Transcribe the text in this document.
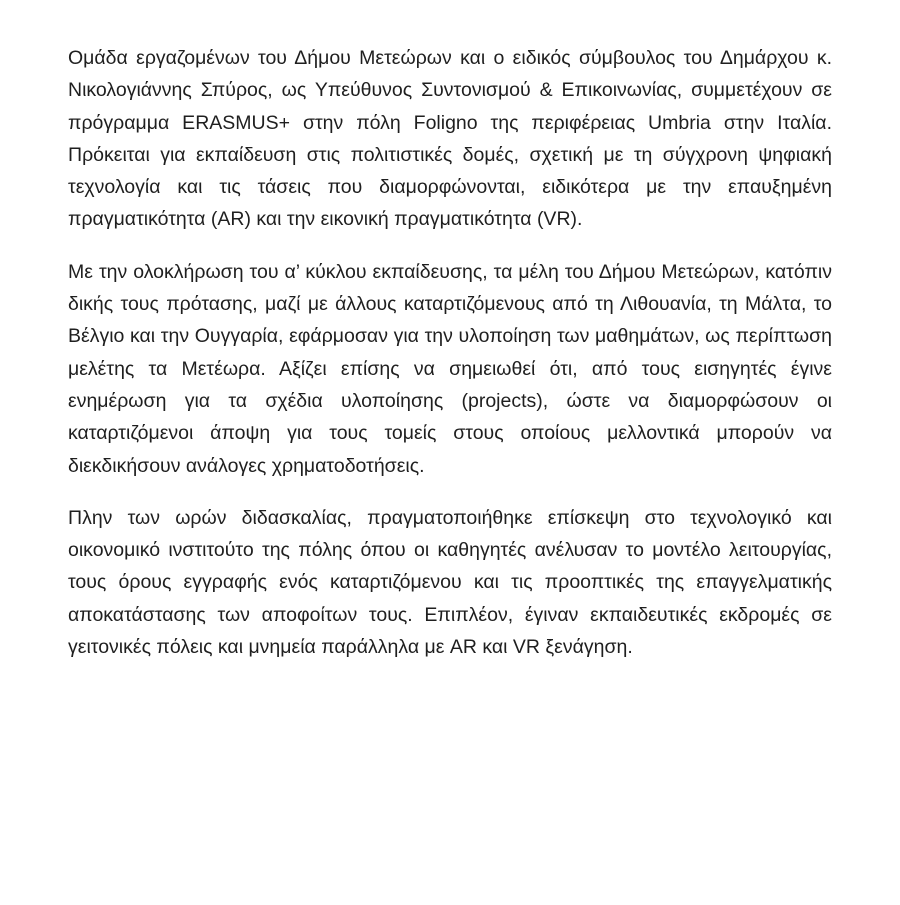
Ομάδα εργαζομένων του Δήμου Μετεώρων και ο ειδικός σύμβουλος του Δημάρχου κ. Νικολογιάννης Σπύρος, ως Υπεύθυνος Συντονισμού & Επικοινωνίας, συμμετέχουν σε πρόγραμμα ERASMUS+ στην πόλη Foligno της περιφέρειας Umbria στην Ιταλία. Πρόκειται για εκπαίδευση στις πολιτιστικές δομές, σχετική με τη σύγχρονη ψηφιακή τεχνολογία και τις τάσεις που διαμορφώνονται, ειδικότερα με την επαυξημένη πραγματικότητα (AR) και την εικονική πραγματικότητα (VR).

Με την ολοκλήρωση του α’ κύκλου εκπαίδευσης, τα μέλη του Δήμου Μετεώρων, κατόπιν δικής τους πρότασης, μαζί με άλλους καταρτιζόμενους από τη Λιθουανία, τη Μάλτα, το Βέλγιο και την Ουγγαρία, εφάρμοσαν για την υλοποίηση των μαθημάτων, ως περίπτωση μελέτης τα Μετέωρα. Αξίζει επίσης να σημειωθεί ότι, από τους εισηγητές έγινε ενημέρωση για τα σχέδια υλοποίησης (projects), ώστε να διαμορφώσουν οι καταρτιζόμενοι άποψη για τους τομείς στους οποίους μελλοντικά μπορούν να διεκδικήσουν ανάλογες χρηματοδοτήσεις.

Πλην των ωρών διδασκαλίας, πραγματοποιήθηκε επίσκεψη στο τεχνολογικό και οικονομικό ινστιτούτο της πόλης όπου οι καθηγητές ανέλυσαν το μοντέλο λειτουργίας, τους όρους εγγραφής ενός καταρτιζόμενου και τις προοπτικές της επαγγελματικής αποκατάστασης των αποφοίτων τους. Επιπλέον, έγιναν εκπαιδευτικές εκδρομές σε γειτονικές πόλεις και μνημεία παράλληλα με AR και VR ξενάγηση.
